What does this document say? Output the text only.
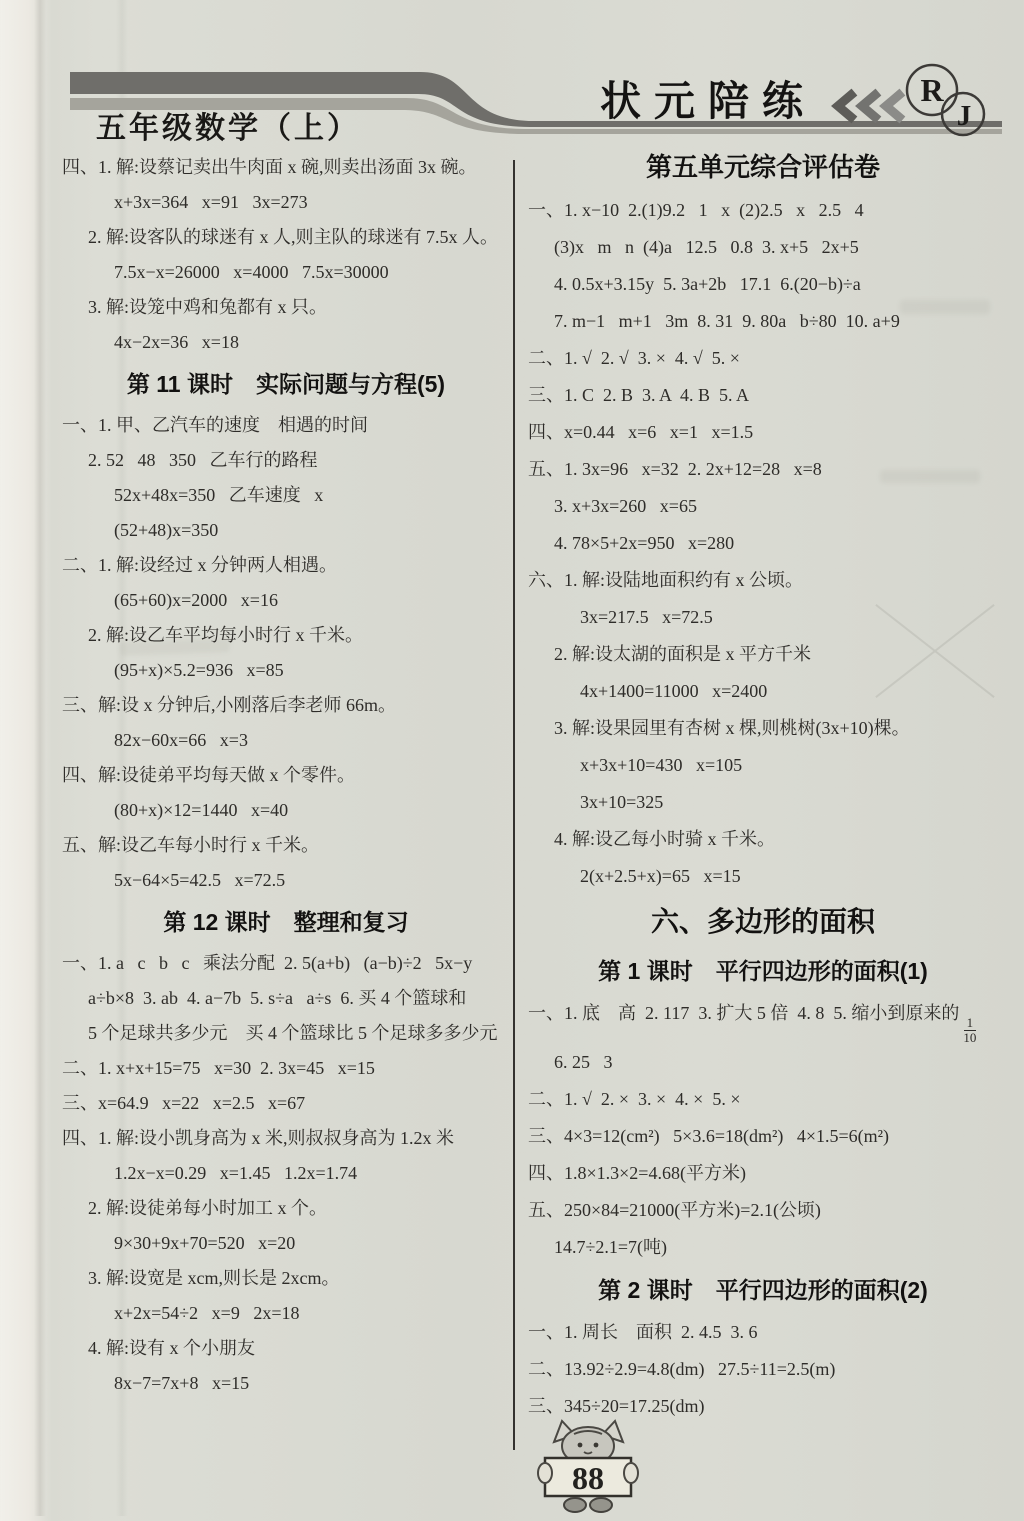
R
J
五年级数学（上）
状元陪练
四、1. 解:设蔡记卖出牛肉面 x 碗,则卖出汤面 3x 碗。
x+3x=364   x=91   3x=273
2. 解:设客队的球迷有 x 人,则主队的球迷有 7.5x 人。
7.5x−x=26000   x=4000   7.5x=30000
3. 解:设笼中鸡和兔都有 x 只。
4x−2x=36   x=18
第 11 课时　实际问题与方程(5)
一、1. 甲、乙汽车的速度　相遇的时间
2. 52   48   350   乙车行的路程
52x+48x=350   乙车速度   x
(52+48)x=350
二、1. 解:设经过 x 分钟两人相遇。
(65+60)x=2000   x=16
2. 解:设乙车平均每小时行 x 千米。
(95+x)×5.2=936   x=85
三、解:设 x 分钟后,小刚落后李老师 66m。
82x−60x=66   x=3
四、解:设徒弟平均每天做 x 个零件。
(80+x)×12=1440   x=40
五、解:设乙车每小时行 x 千米。
5x−64×5=42.5   x=72.5
第 12 课时　整理和复习
一、1. a   c   b   c   乘法分配  2. 5(a+b)   (a−b)÷2   5x−y
a÷b×8  3. ab  4. a−7b  5. s÷a   a÷s  6. 买 4 个篮球和
5 个足球共多少元　买 4 个篮球比 5 个足球多多少元
二、1. x+x+15=75   x=30  2. 3x=45   x=15
三、x=64.9   x=22   x=2.5   x=67
四、1. 解:设小凯身高为 x 米,则叔叔身高为 1.2x 米
1.2x−x=0.29   x=1.45   1.2x=1.74
2. 解:设徒弟每小时加工 x 个。
9×30+9x+70=520   x=20
3. 解:设宽是 xcm,则长是 2xcm。
x+2x=54÷2   x=9   2x=18
4. 解:设有 x 个小朋友
8x−7=7x+8   x=15
第五单元综合评估卷
一、1. x−10  2.(1)9.2   1   x  (2)2.5   x   2.5   4
(3)x   m   n  (4)a   12.5   0.8  3. x+5   2x+5
4. 0.5x+3.15y  5. 3a+2b   17.1  6.(20−b)÷a
7. m−1   m+1   3m  8. 31  9. 80a   b÷80  10. a+9
二、1. √  2. √  3. ×  4. √  5. ×
三、1. C  2. B  3. A  4. B  5. A
四、x=0.44   x=6   x=1   x=1.5
五、1. 3x=96   x=32  2. 2x+12=28   x=8
3. x+3x=260   x=65
4. 78×5+2x=950   x=280
六、1. 解:设陆地面积约有 x 公顷。
3x=217.5   x=72.5
2. 解:设太湖的面积是 x 平方千米
4x+1400=11000   x=2400
3. 解:设果园里有杏树 x 棵,则桃树(3x+10)棵。
x+3x+10=430   x=105
3x+10=325
4. 解:设乙每小时骑 x 千米。
2(x+2.5+x)=65   x=15
六、多边形的面积
第 1 课时　平行四边形的面积(1)
一、1. 底　高  2. 117  3. 扩大 5 倍  4. 8  5. 缩小到原来的
$\frac{1}{10}$
6. 25   3
二、1. √  2. ×  3. ×  4. ×  5. ×
三、4×3=12(cm²)   5×3.6=18(dm²)   4×1.5=6(m²)
四、1.8×1.3×2=4.68(平方米)
五、250×84=21000(平方米)=2.1(公顷)
14.7÷2.1=7(吨)
第 2 课时　平行四边形的面积(2)
一、1. 周长　面积  2. 4.5  3. 6
二、13.92÷2.9=4.8(dm)   27.5÷11=2.5(m)
三、345÷20=17.25(dm)
88
